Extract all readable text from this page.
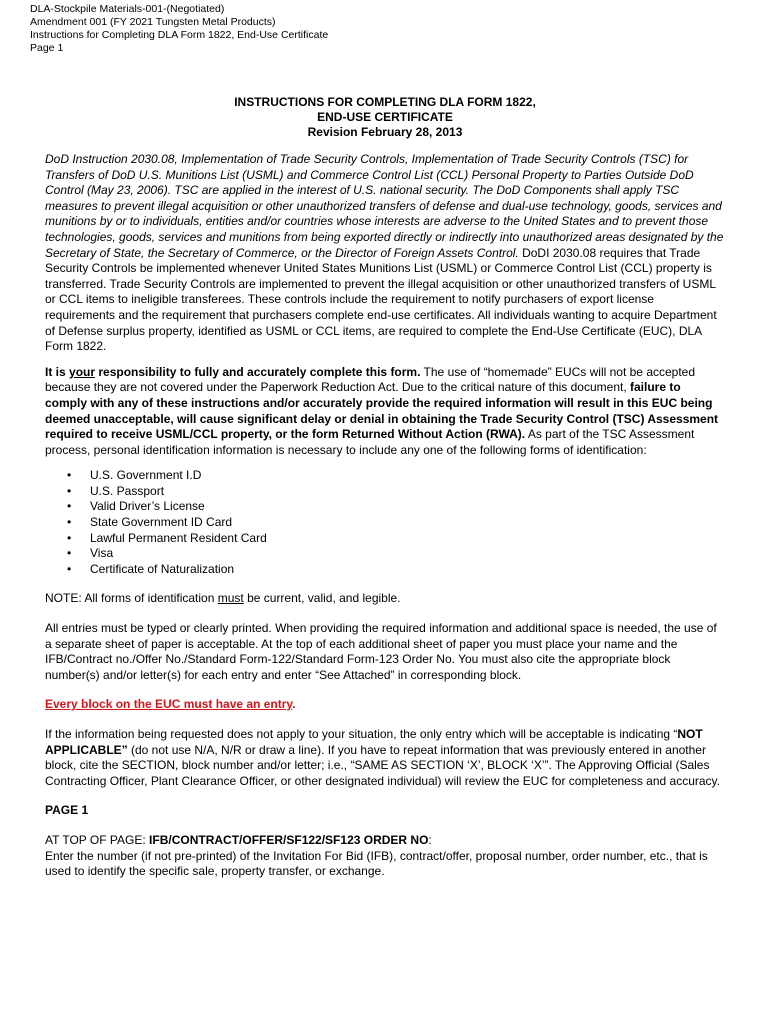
DLA-Stockpile Materials-001-(Negotiated)
Amendment 001 (FY 2021 Tungsten Metal Products)
Instructions for Completing DLA Form 1822, End-Use Certificate
Page 1
INSTRUCTIONS FOR COMPLETING DLA FORM 1822,
END-USE CERTIFICATE
Revision February 28, 2013

DoD Instruction 2030.08, Implementation of Trade Security Controls, Implementation of Trade Security Controls (TSC) for Transfers of DoD U.S. Munitions List (USML) and Commerce Control List (CCL) Personal Property to Parties Outside DoD Control (May 23, 2006). TSC are applied in the interest of U.S. national security. The DoD Components shall apply TSC measures to prevent illegal acquisition or other unauthorized transfers of defense and dual-use technology, goods, services and munitions by or to individuals, entities and/or countries whose interests are adverse to the United States and to prevent those technologies, goods, services and munitions from being exported directly or indirectly into unauthorized areas designated by the Secretary of State, the Secretary of Commerce, or the Director of Foreign Assets Control. DoDI 2030.08 requires that Trade Security Controls be implemented whenever United States Munitions List (USML) or Commerce Control List (CCL) property is transferred. Trade Security Controls are implemented to prevent the illegal acquisition or other unauthorized transfers of USML or CCL items to ineligible transferees. These controls include the requirement to notify purchasers of export license requirements and the requirement that purchasers complete end-use certificates. All individuals wanting to acquire Department of Defense surplus property, identified as USML or CCL items, are required to complete the End-Use Certificate (EUC), DLA Form 1822.

It is your responsibility to fully and accurately complete this form. The use of “homemade” EUCs will not be accepted because they are not covered under the Paperwork Reduction Act. Due to the critical nature of this document, failure to comply with any of these instructions and/or accurately provide the required information will result in this EUC being deemed unacceptable, will cause significant delay or denial in obtaining the Trade Security Control (TSC) Assessment required to receive USML/CCL property, or the form Returned Without Action (RWA). As part of the TSC Assessment process, personal identification information is necessary to include any one of the following forms of identification:

• U.S. Government I.D
• U.S. Passport
• Valid Driver’s License
• State Government ID Card
• Lawful Permanent Resident Card
• Visa
• Certificate of Naturalization

NOTE: All forms of identification must be current, valid, and legible.

All entries must be typed or clearly printed. When providing the required information and additional space is needed, the use of a separate sheet of paper is acceptable. At the top of each additional sheet of paper you must place your name and the IFB/Contract no./Offer No./Standard Form-122/Standard Form-123 Order No. You must also cite the appropriate block number(s) and/or letter(s) for each entry and enter “See Attached” in corresponding block.

Every block on the EUC must have an entry.

If the information being requested does not apply to your situation, the only entry which will be acceptable is indicating “NOT APPLICABLE” (do not use N/A, N/R or draw a line). If you have to repeat information that was previously entered in another block, cite the SECTION, block number and/or letter; i.e., “SAME AS SECTION ‘X’, BLOCK ‘X’”. The Approving Official (Sales Contracting Officer, Plant Clearance Officer, or other designated individual) will review the EUC for completeness and accuracy.

PAGE 1

AT TOP OF PAGE: IFB/CONTRACT/OFFER/SF122/SF123 ORDER NO:

Enter the number (if not pre-printed) of the Invitation For Bid (IFB), contract/offer, proposal number, order number, etc., that is used to identify the specific sale, property transfer, or exchange.
